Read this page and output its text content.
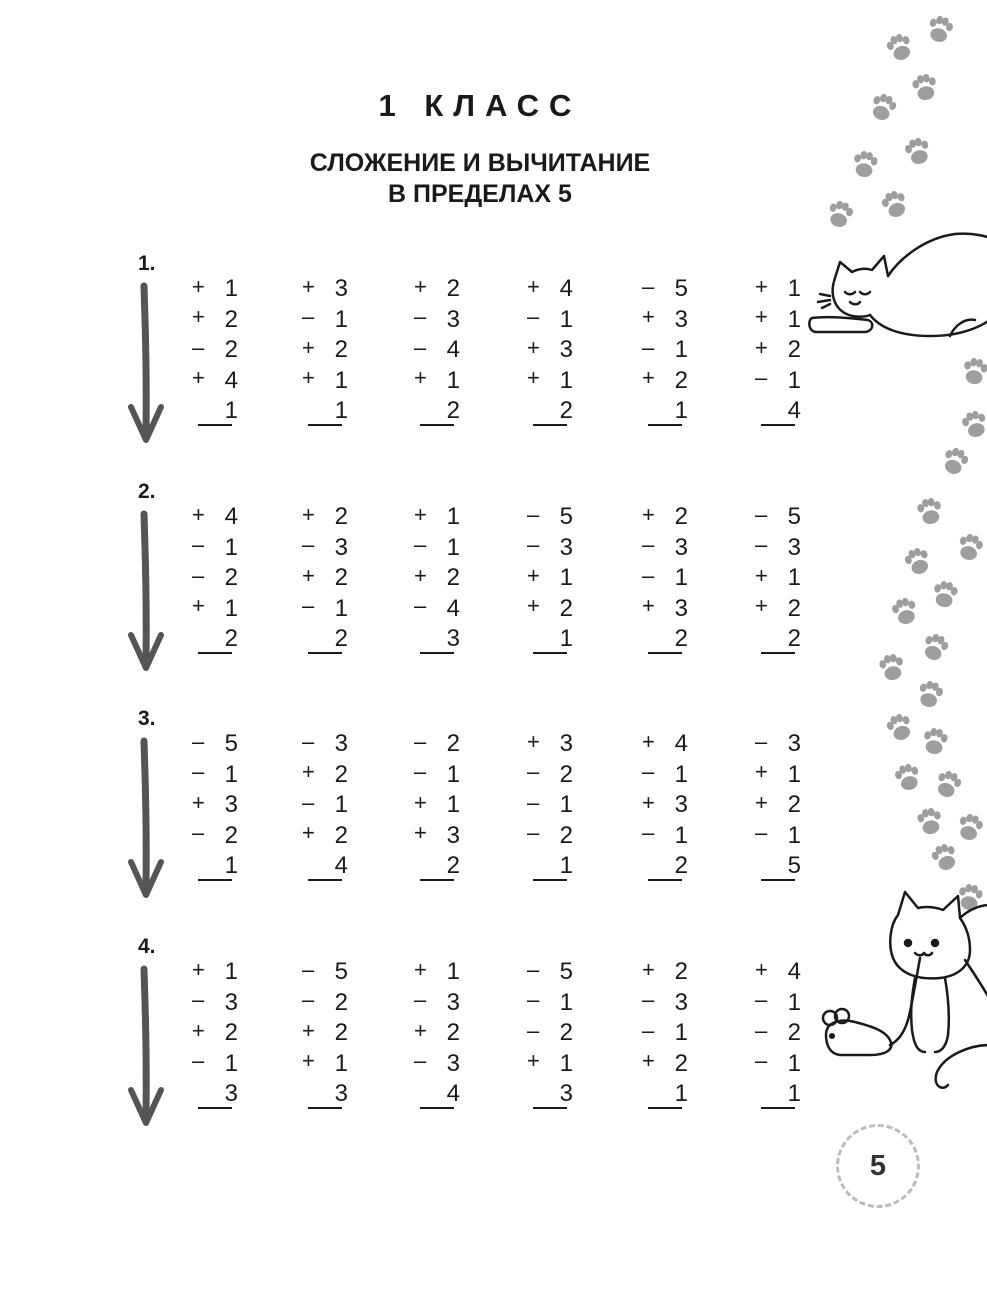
1 КЛАСС
СЛОЖЕНИЕ И ВЫЧИТАНИЕ
В ПРЕДЕЛАХ 5
1.
+ 1
+ 2
– 2
+ 4
1
+ 3
– 1
+ 2
+ 1
1
+ 2
– 3
– 4
+ 1
2
+ 4
– 1
+ 3
+ 1
2
– 5
+ 3
– 1
+ 2
1
+ 1
+ 1
+ 2
– 1
4
2.
+ 4
– 1
– 2
+ 1
2
+ 2
– 3
+ 2
– 1
2
+ 1
– 1
+ 2
– 4
3
– 5
– 3
+ 1
+ 2
1
+ 2
– 3
– 1
+ 3
2
– 5
– 3
+ 1
+ 2
2
3.
– 5
– 1
+ 3
– 2
1
– 3
+ 2
– 1
+ 2
4
– 2
– 1
+ 1
+ 3
2
+ 3
– 2
– 1
– 2
1
+ 4
– 1
+ 3
– 1
2
– 3
+ 1
+ 2
– 1
5
4.
+ 1
– 3
+ 2
– 1
3
– 5
– 2
+ 2
+ 1
3
+ 1
– 3
+ 2
– 3
4
– 5
– 1
– 2
+ 1
3
+ 2
– 3
– 1
+ 2
1
+ 4
– 1
– 2
– 1
1
5
